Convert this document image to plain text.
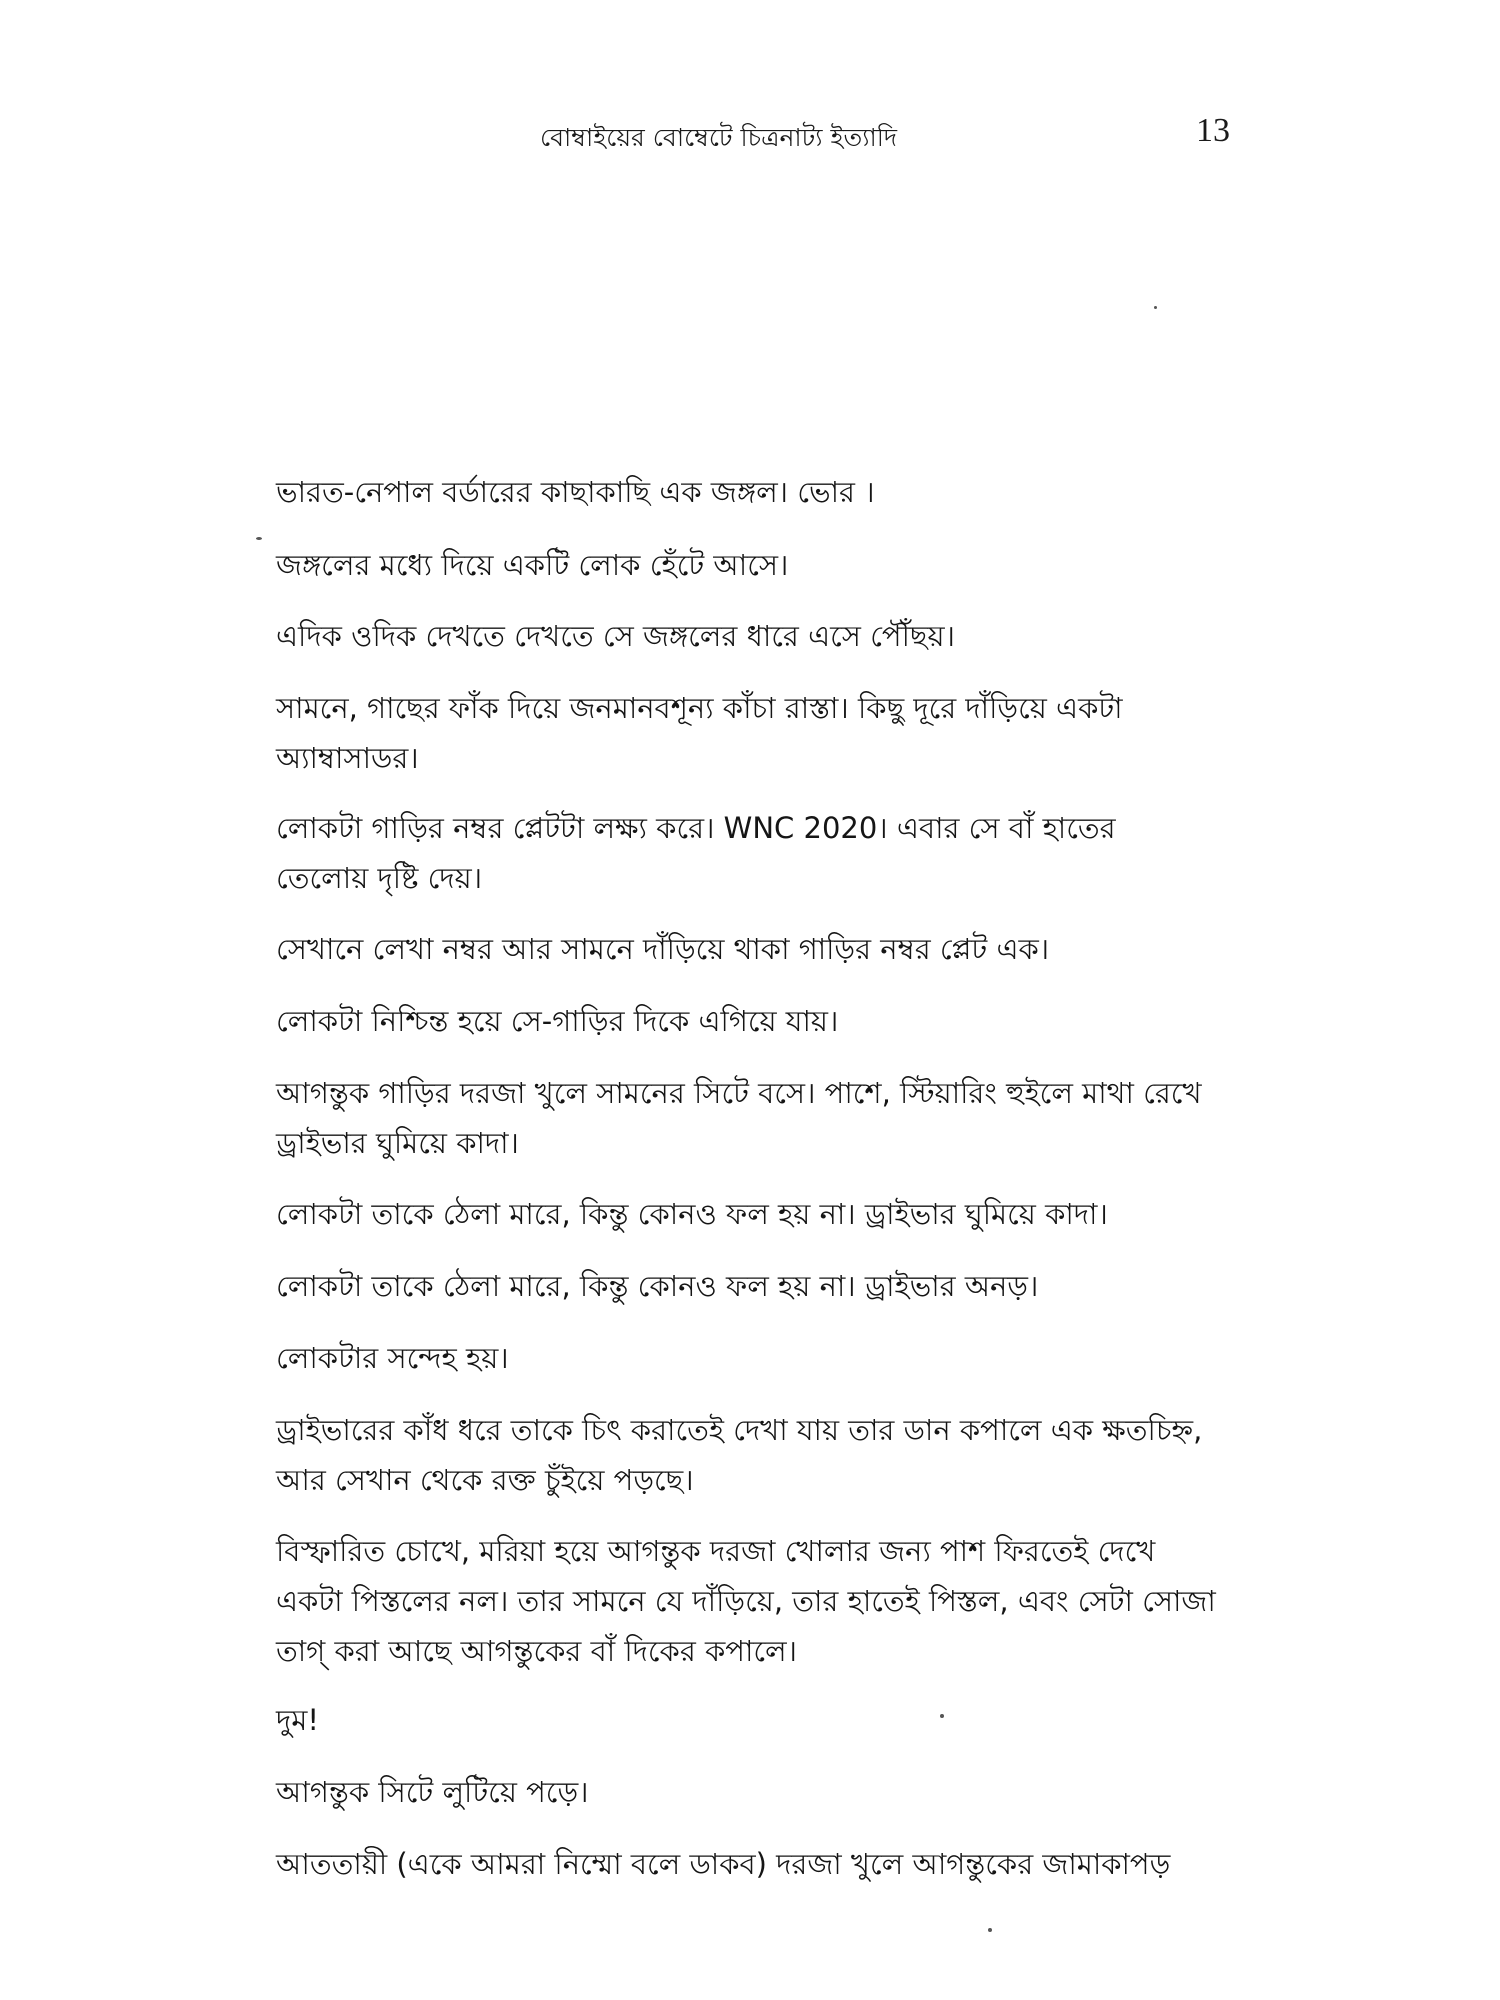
বোম্বাইয়ের বোম্বেটে চিত্রনাট্য ইত্যাদি	13

ভারত-নেপাল বর্ডারের কাছাকাছি এক জঙ্গল। ভোর ।

জঙ্গলের মধ্যে দিয়ে একটি লোক হেঁটে আসে।

এদিক ওদিক দেখতে দেখতে সে জঙ্গলের ধারে এসে পৌঁছয়।

সামনে, গাছের ফাঁক দিয়ে জনমানবশূন্য কাঁচা রাস্তা। কিছু দূরে দাঁড়িয়ে একটা অ্যাম্বাসাডর।

লোকটা গাড়ির নম্বর প্লেটটা লক্ষ্য করে। WNC 2020। এবার সে বাঁ হাতের তেলোয় দৃষ্টি দেয়।

সেখানে লেখা নম্বর আর সামনে দাঁড়িয়ে থাকা গাড়ির নম্বর প্লেট এক।

লোকটা নিশ্চিন্ত হয়ে সে-গাড়ির দিকে এগিয়ে যায়।

আগন্তুক গাড়ির দরজা খুলে সামনের সিটে বসে। পাশে, স্টিয়ারিং হুইলে মাথা রেখে ড্রাইভার ঘুমিয়ে কাদা।

লোকটা তাকে ঠেলা মারে, কিন্তু কোনও ফল হয় না। ড্রাইভার ঘুমিয়ে কাদা।

লোকটা তাকে ঠেলা মারে, কিন্তু কোনও ফল হয় না। ড্রাইভার অনড়।

লোকটার সন্দেহ হয়।

ড্রাইভারের কাঁধ ধরে তাকে চিৎ করাতেই দেখা যায় তার ডান কপালে এক ক্ষতচিহ্ন, আর সেখান থেকে রক্ত চুঁইয়ে পড়ছে।

বিস্ফারিত চোখে, মরিয়া হয়ে আগন্তুক দরজা খোলার জন্য পাশ ফিরতেই দেখে একটা পিস্তলের নল। তার সামনে যে দাঁড়িয়ে, তার হাতেই পিস্তল, এবং সেটা সোজা তাগ্ করা আছে আগন্তুকের বাঁ দিকের কপালে।

দুম!

আগন্তুক সিটে লুটিয়ে পড়ে।

আততায়ী (একে আমরা নিম্মো বলে ডাকব) দরজা খুলে আগন্তুকের জামাকাপড়
